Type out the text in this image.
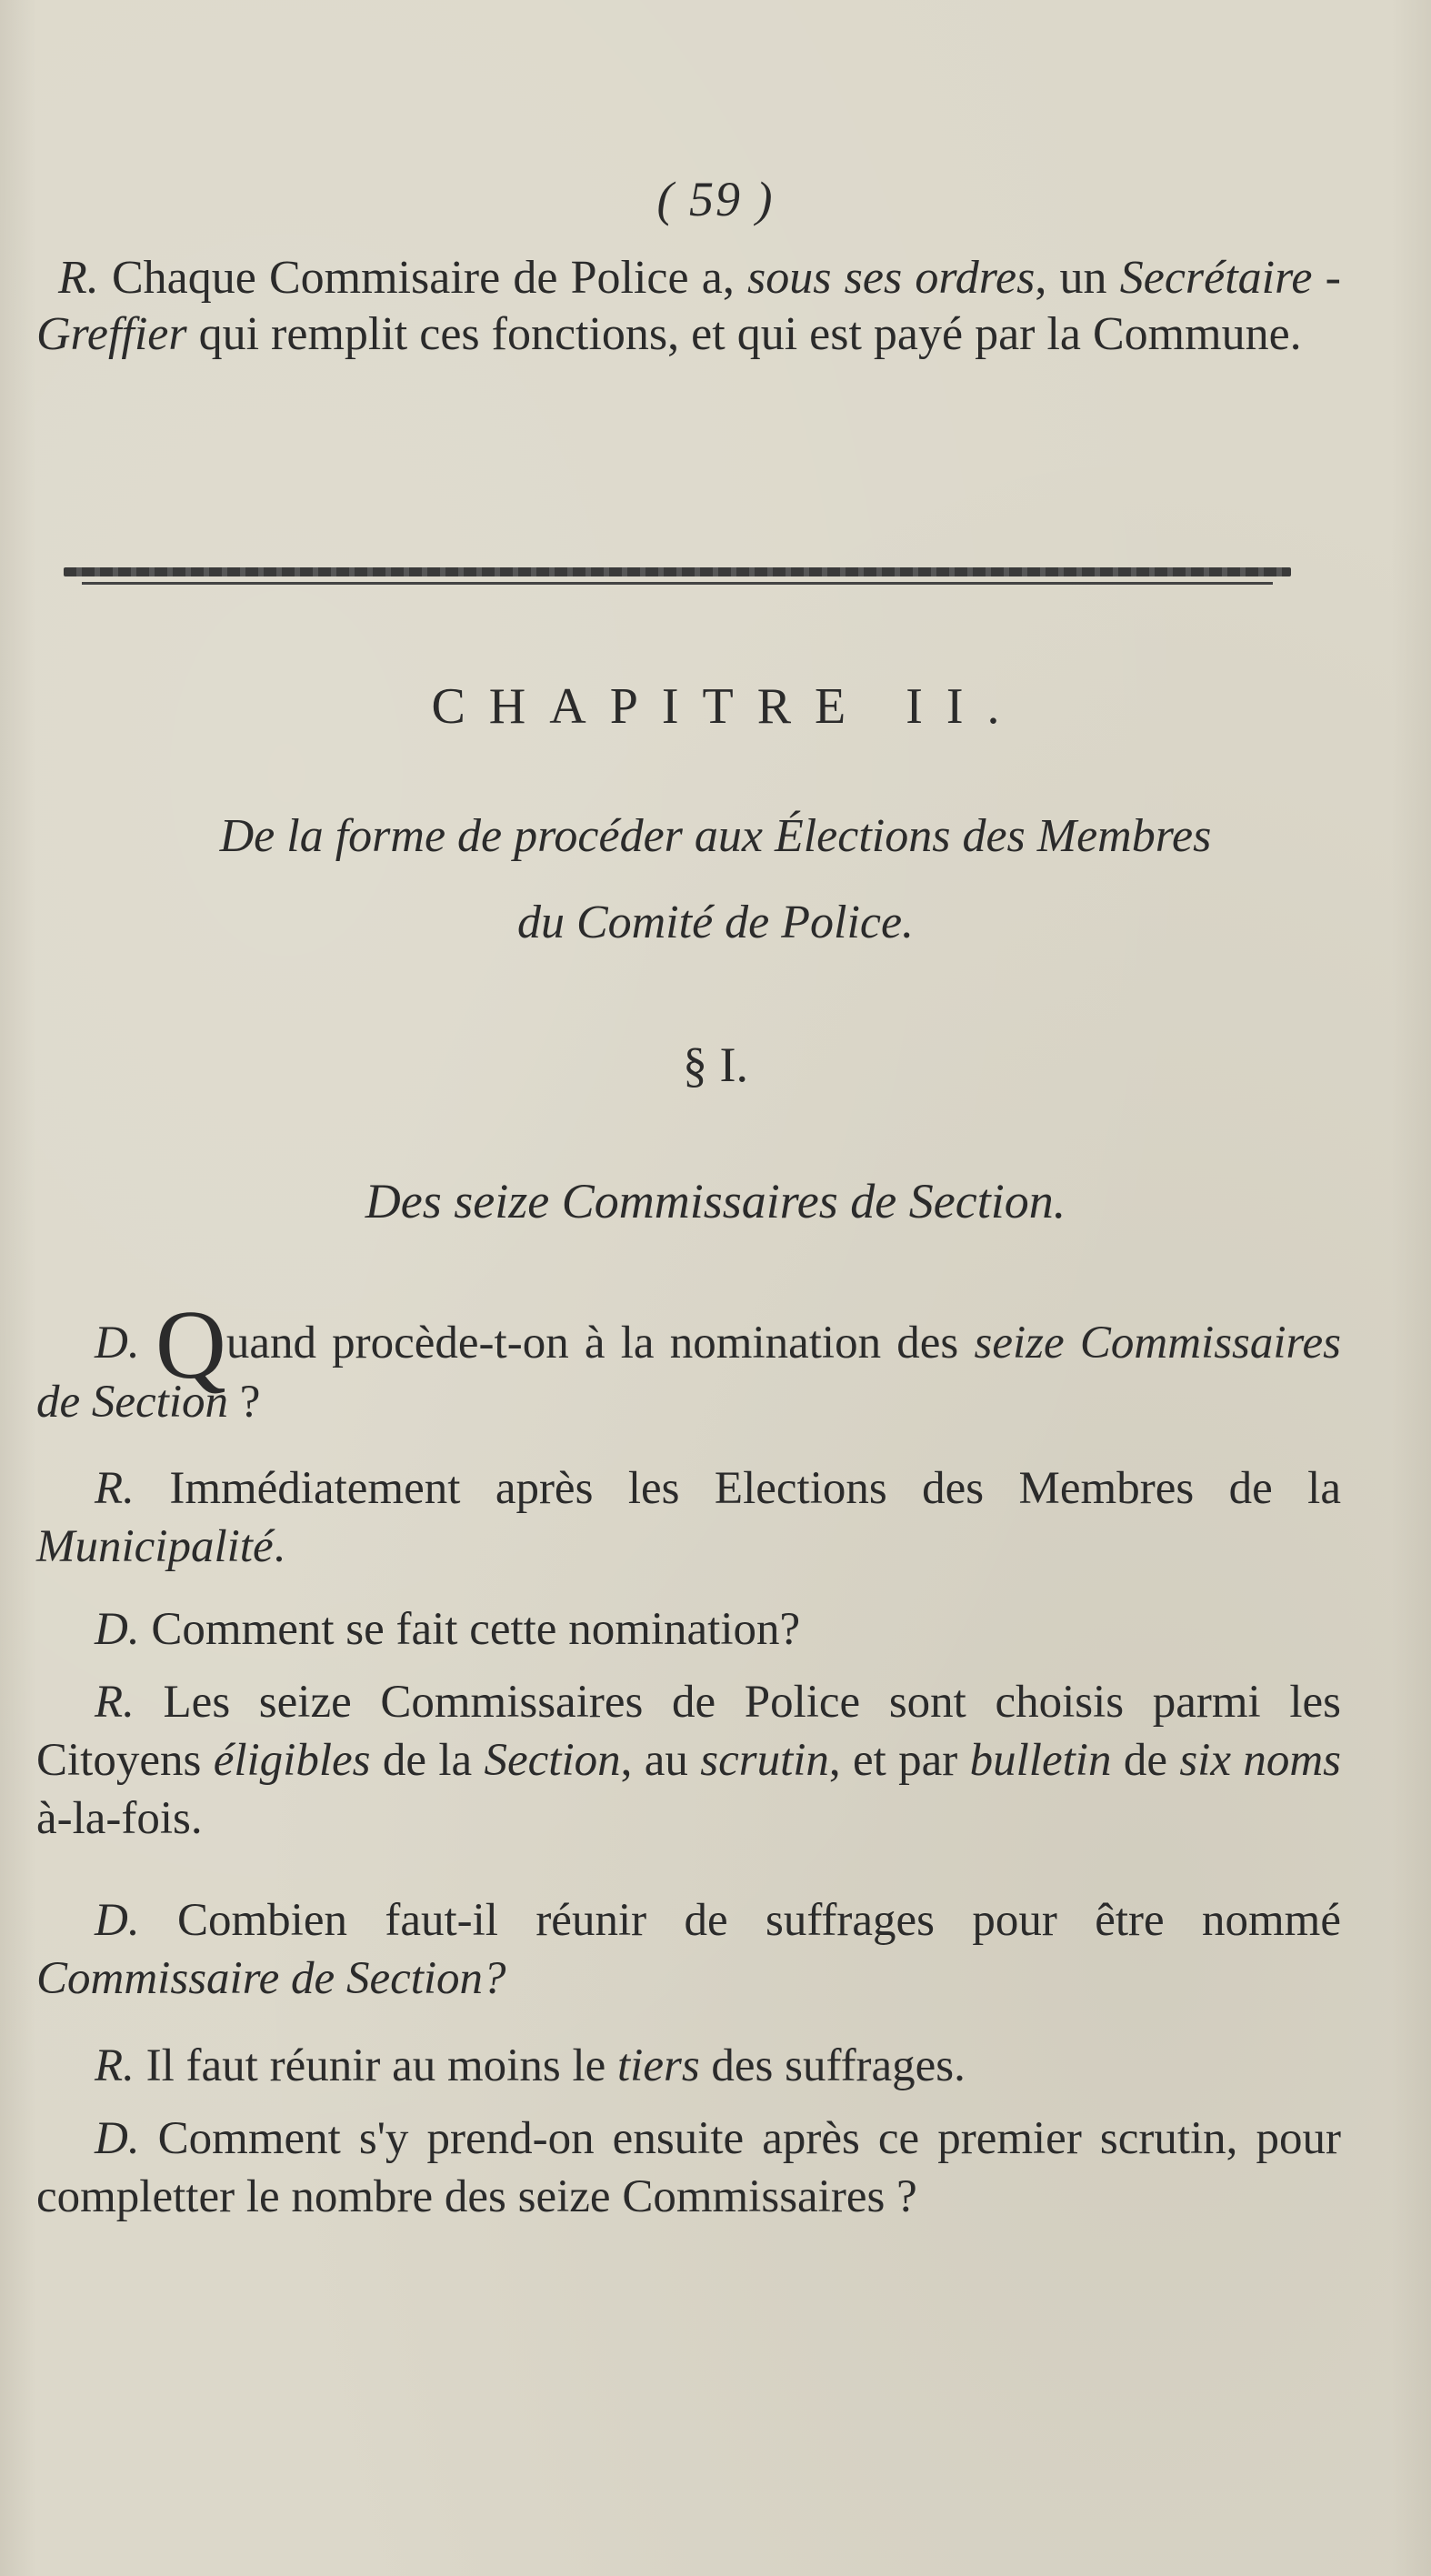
( 59 )
R. Chaque Commisaire de Police a, sous ses ordres, un Secrétaire - Greffier qui remplit ces fonctions, et qui est payé par la Commune.
CHAPITRE II.
De la forme de procéder aux Élections des Membres
du Comité de Police.
§ I.
Des seize Commissaires de Section.
D. Quand procède-t-on à la nomination des seize Commissaires de Section ?
R. Immédiatement après les Elections des Membres de la Municipalité.
D. Comment se fait cette nomination?
R. Les seize Commissaires de Police sont choisis parmi les Citoyens éligibles de la Section, au scrutin, et par bulletin de six noms à-la-fois.
D. Combien faut-il réunir de suffrages pour être nommé Commissaire de Section?
R. Il faut réunir au moins le tiers des suffrages.
D. Comment s'y prend-on ensuite après ce premier scrutin, pour completter le nombre des seize Commissaires ?
